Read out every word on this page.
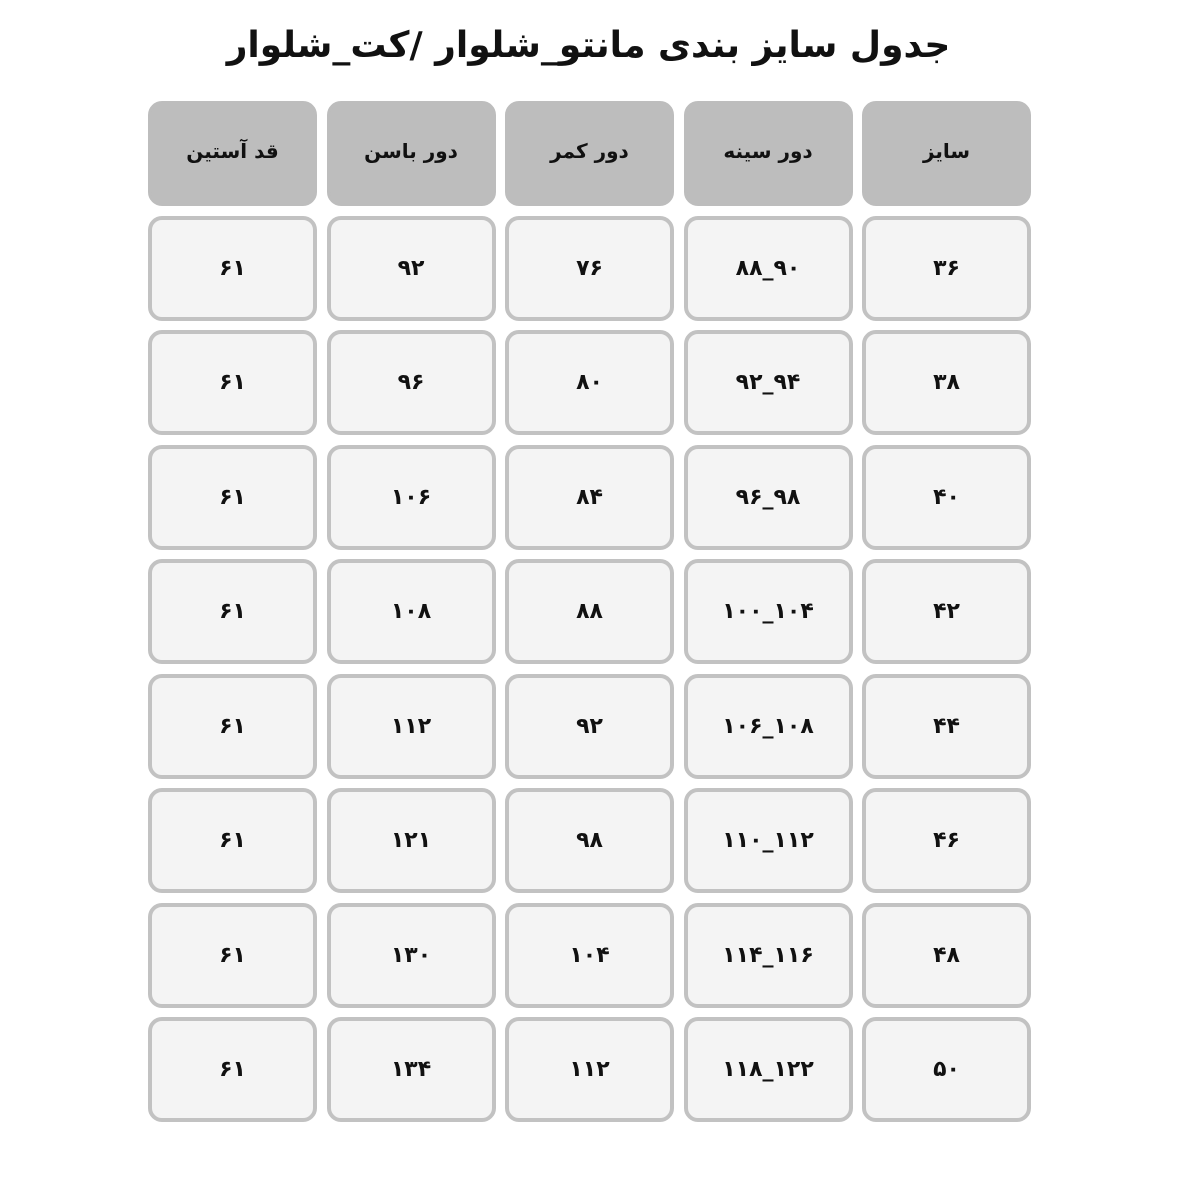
جدول سایز بندی مانتو_شلوار /کت_شلوار
سایز
دور سینه
دور کمر
دور باسن
قد آستین
۳۶
۸۸_۹۰
۷۶
۹۲
۶۱
۳۸
۹۲_۹۴
۸۰
۹۶
۶۱
۴۰
۹۶_۹۸
۸۴
۱۰۶
۶۱
۴۲
۱۰۰_۱۰۴
۸۸
۱۰۸
۶۱
۴۴
۱۰۶_۱۰۸
۹۲
۱۱۲
۶۱
۴۶
۱۱۰_۱۱۲
۹۸
۱۲۱
۶۱
۴۸
۱۱۴_۱۱۶
۱۰۴
۱۳۰
۶۱
۵۰
۱۱۸_۱۲۲
۱۱۲
۱۳۴
۶۱
